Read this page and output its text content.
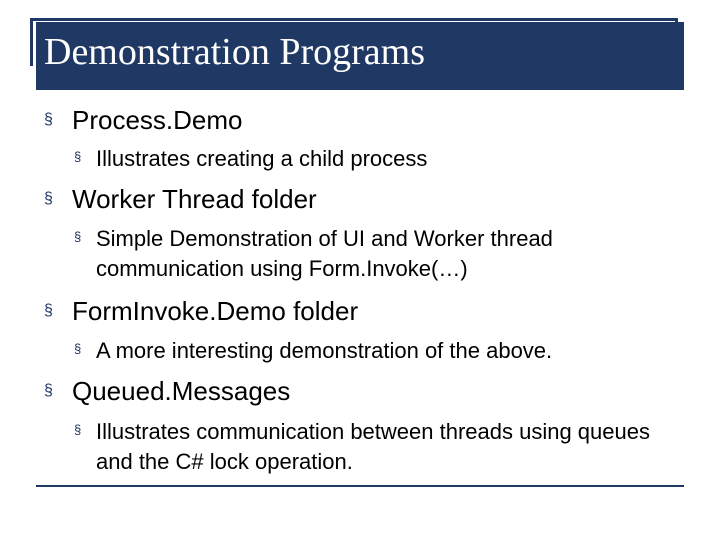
Demonstration Programs
§ Process.Demo
§ Illustrates creating a child process
§ Worker Thread folder
§ Simple Demonstration of UI and Worker thread communication using Form.Invoke(…)
§ FormInvoke.Demo folder
§ A more interesting demonstration of the above.
§ Queued.Messages
§ Illustrates communication between threads using queues and the C# lock operation.
